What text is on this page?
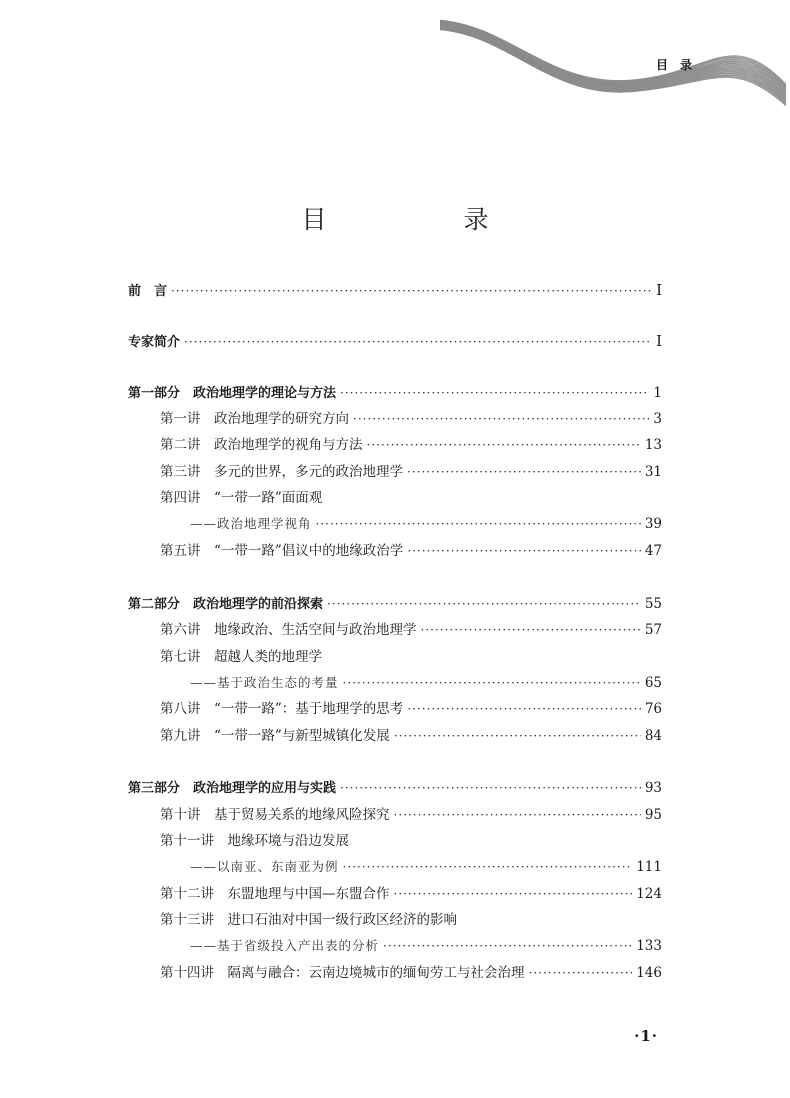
目　录
目　录
前　言 ·····	I
专家简介 ·····	I
第一部分　政治地理学的理论与方法 ·····	1
第一讲　政治地理学的研究方向 ·····	3
第二讲　政治地理学的视角与方法 ·····	13
第三讲　多元的世界，多元的政治地理学 ·····	31
第四讲　“一带一路”面面观
——政治地理学视角 ·····	39
第五讲　“一带一路”倡议中的地缘政治学 ·····	47
第二部分　政治地理学的前沿探索 ·····	55
第六讲　地缘政治、生活空间与政治地理学 ·····	57
第七讲　超越人类的地理学
——基于政治生态的考量 ·····	65
第八讲　“一带一路”：基于地理学的思考 ·····	76
第九讲　“一带一路”与新型城镇化发展 ·····	84
第三部分　政治地理学的应用与实践 ·····	93
第十讲　基于贸易关系的地缘风险探究 ·····	95
第十一讲　地缘环境与沿边发展
——以南亚、东南亚为例 ·····	111
第十二讲　东盟地理与中国—东盟合作 ·····	124
第十三讲　进口石油对中国一级行政区经济的影响
——基于省级投入产出表的分析 ·····	133
第十四讲　隔离与融合：云南边境城市的缅甸劳工与社会治理 ·····	146
·1·
